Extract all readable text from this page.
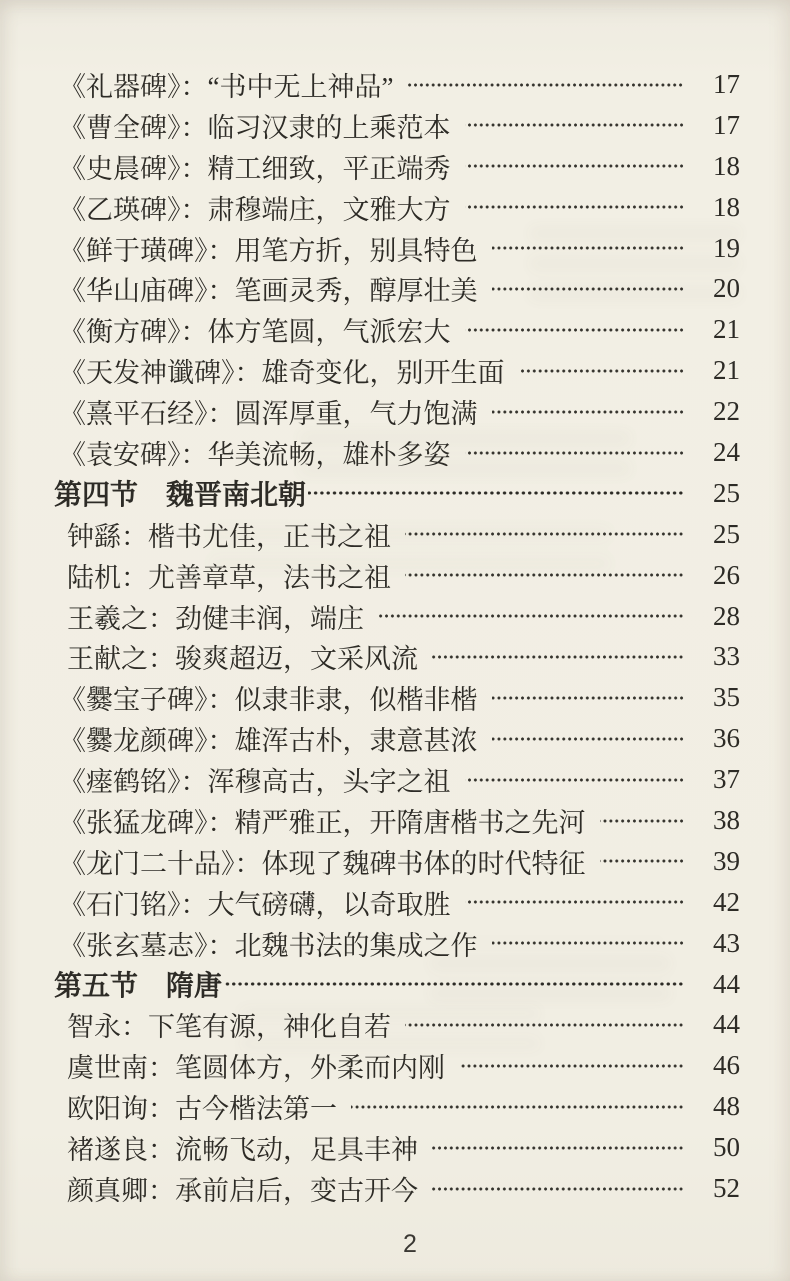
《礼器碑》：“书中无上神品”	17
《曹全碑》：临习汉隶的上乘范本	17
《史晨碑》：精工细致，平正端秀	18
《乙瑛碑》：肃穆端庄，文雅大方	18
《鲜于璜碑》：用笔方折，别具特色	19
《华山庙碑》：笔画灵秀，醇厚壮美	20
《衡方碑》：体方笔圆，气派宏大	21
《天发神谶碑》：雄奇变化，别开生面	21
《熹平石经》：圆浑厚重，气力饱满	22
《袁安碑》：华美流畅，雄朴多姿	24
第四节　魏晋南北朝	25
钟繇：楷书尤佳，正书之祖	25
陆机：尤善章草，法书之祖	26
王羲之：劲健丰润，端庄	28
王献之：骏爽超迈，文采风流	33
《爨宝子碑》：似隶非隶，似楷非楷	35
《爨龙颜碑》：雄浑古朴，隶意甚浓	36
《瘗鹤铭》：浑穆高古，头字之祖	37
《张猛龙碑》：精严雅正，开隋唐楷书之先河	38
《龙门二十品》：体现了魏碑书体的时代特征	39
《石门铭》：大气磅礴，以奇取胜	42
《张玄墓志》：北魏书法的集成之作	43
第五节　隋唐	44
智永：下笔有源，神化自若	44
虞世南：笔圆体方，外柔而内刚	46
欧阳询：古今楷法第一	48
褚遂良：流畅飞动，足具丰神	50
颜真卿：承前启后，变古开今	52
2
